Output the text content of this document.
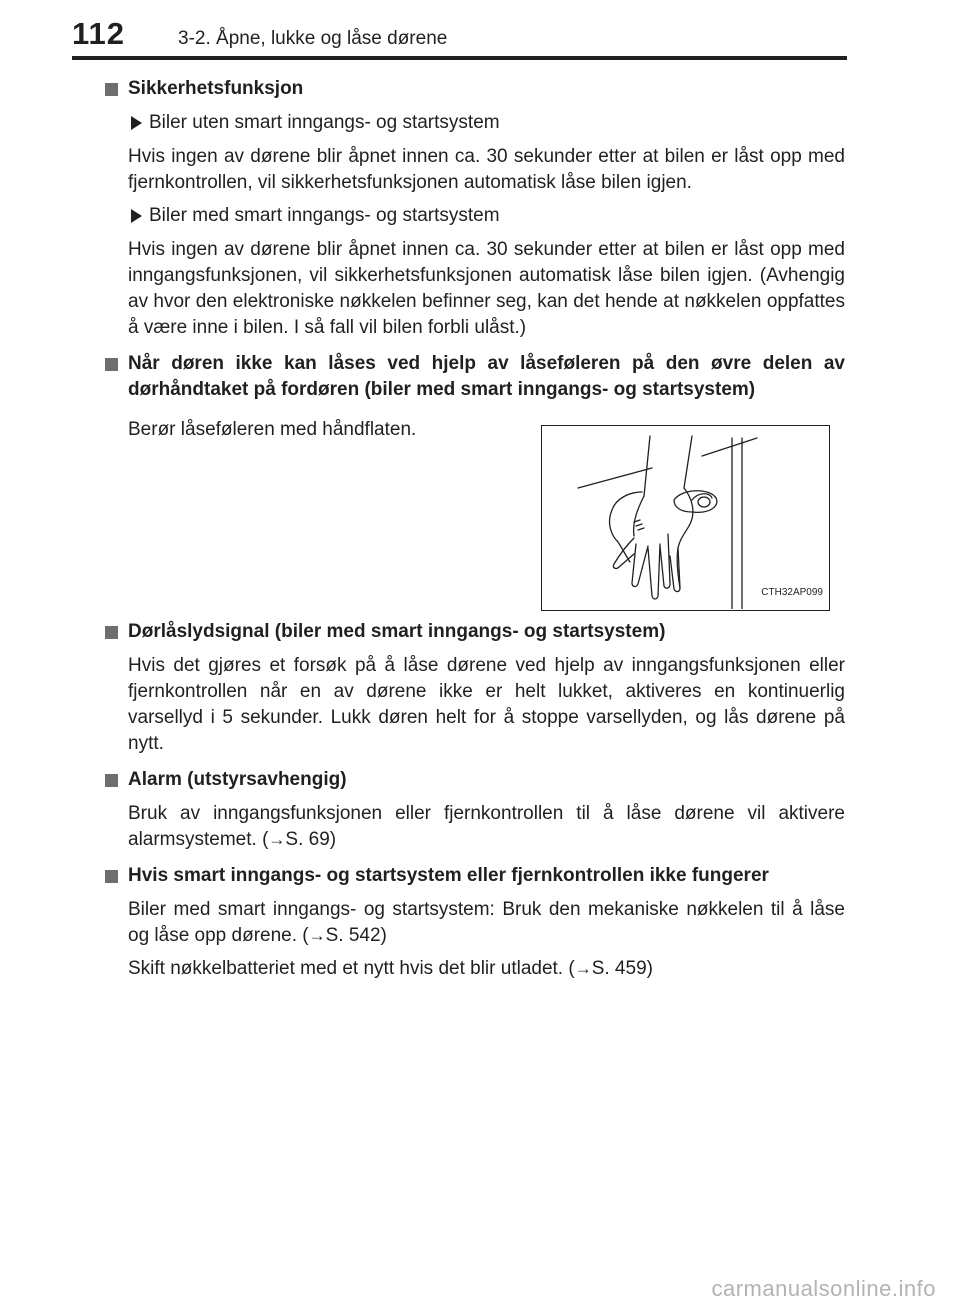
112	3-2. Åpne, lukke og låse dørene
Sikkerhetsfunksjon
Biler uten smart inngangs- og startsystem

Hvis ingen av dørene blir åpnet innen ca. 30 sekunder etter at bilen er låst opp med fjernkontrollen, vil sikkerhetsfunksjonen automatisk låse bilen igjen.

Biler med smart inngangs- og startsystem

Hvis ingen av dørene blir åpnet innen ca. 30 sekunder etter at bilen er låst opp med inngangsfunksjonen, vil sikkerhetsfunksjonen automatisk låse bilen igjen. (Avhengig av hvor den elektroniske nøkkelen befinner seg, kan det hende at nøkkelen oppfattes å være inne i bilen. I så fall vil bilen forbli ulåst.)

Når døren ikke kan låses ved hjelp av låseføleren på den øvre delen av dørhåndtaket på fordøren (biler med smart inngangs- og startsystem)
Berør låseføleren med håndflaten.
CTH32AP099
Dørlåslydsignal (biler med smart inngangs- og startsystem)

Hvis det gjøres et forsøk på å låse dørene ved hjelp av inngangsfunksjonen eller fjernkontrollen når en av dørene ikke er helt lukket, aktiveres en kontinuerlig varsellyd i 5 sekunder. Lukk døren helt for å stoppe varsellyden, og lås dørene på nytt.

Alarm (utstyrsavhengig)

Bruk av inngangsfunksjonen eller fjernkontrollen til å låse dørene vil aktivere alarmsystemet. (→S. 69)

Hvis smart inngangs- og startsystem eller fjernkontrollen ikke fungerer

Biler med smart inngangs- og startsystem: Bruk den mekaniske nøkkelen til å låse og låse opp dørene. (→S. 542)

Skift nøkkelbatteriet med et nytt hvis det blir utladet. (→S. 459)

carmanualsonline.info
